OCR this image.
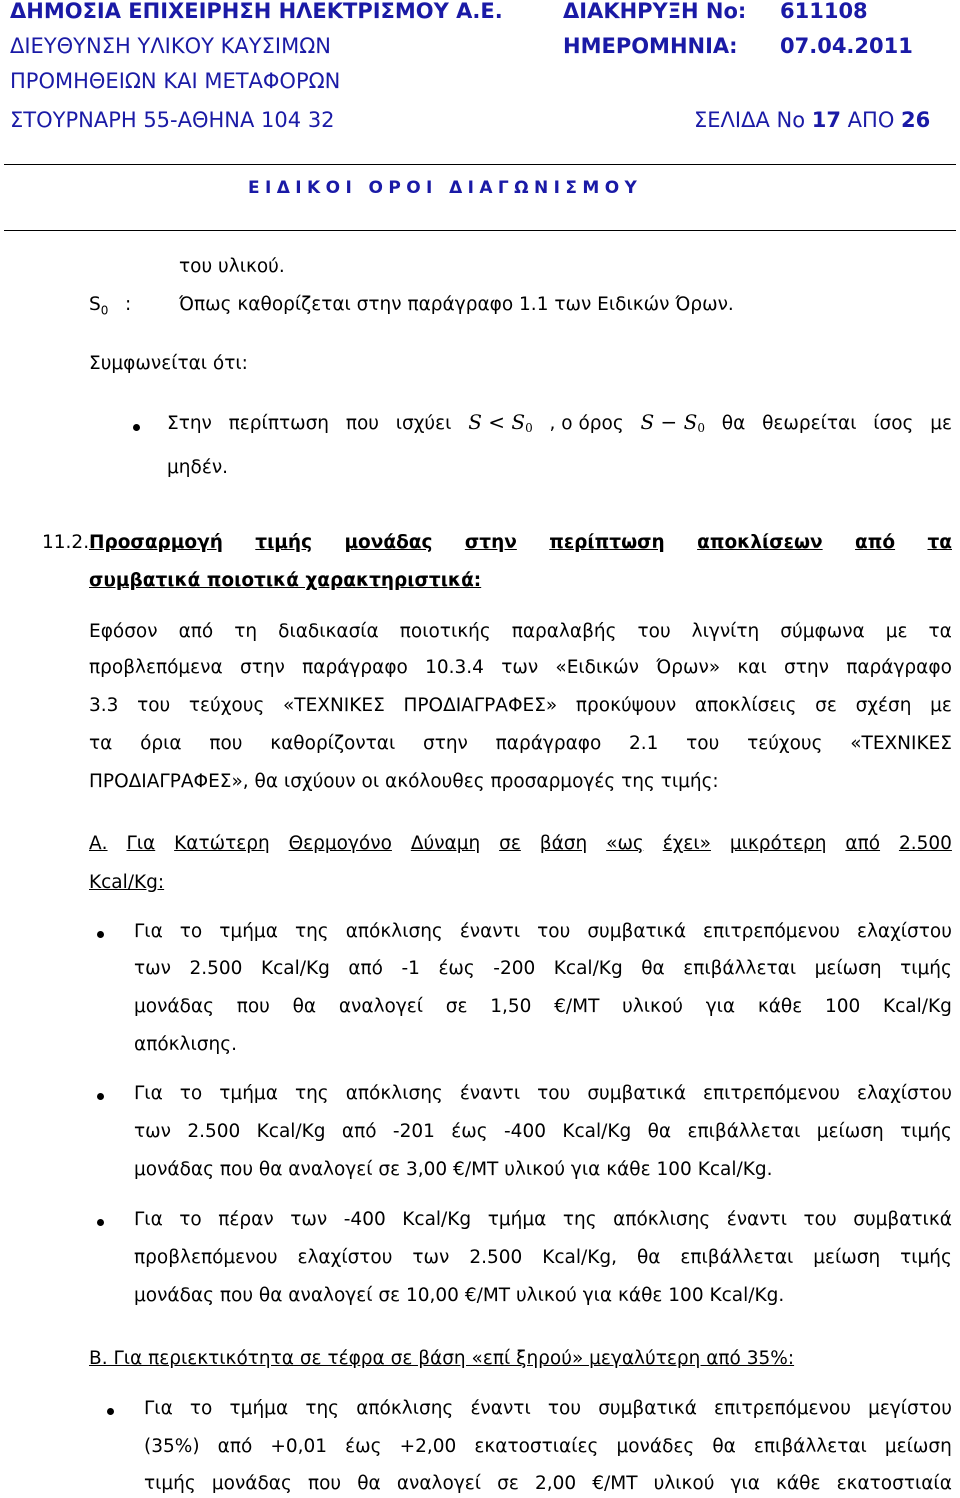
ΔΗΜΟΣΙΑ ΕΠΙΧΕΙΡΗΣΗ ΗΛΕΚΤΡΙΣΜΟΥ Α.Ε.	ΔΙΑΚΗΡΥΞΗ Νο: 611108
ΔΙΕΥΘΥΝΣΗ ΥΛΙΚΟΥ ΚΑΥΣΙΜΩΝ	ΗΜΕΡΟΜΗΝΙΑ: 07.04.2011
ΠΡΟΜΗΘΕΙΩΝ ΚΑΙ ΜΕΤΑΦΟΡΩΝ
ΣΤΟΥΡΝΑΡΗ 55-ΑΘΗΝΑ 104 32	ΣΕΛΙΔΑ Νο 17 ΑΠΟ 26
ΕΙΔΙΚΟΙ ΟΡΟΙ ΔΙΑΓΩΝΙΣΜΟΥ
του υλικού.
$S_0$ :	Όπως καθορίζεται στην παράγραφο 1.1 των Ειδικών Όρων.
Συμφωνείται ότι:
Στην περίπτωση που ισχύει $S < S_0$ , ο όρος $S - S_0$ θα θεωρείται ίσος με
μηδέν.
11.2. Προσαρμογή τιμής μονάδας στην περίπτωση αποκλίσεων από τα
συμβατικά ποιοτικά χαρακτηριστικά:
Εφόσον από τη διαδικασία ποιοτικής παραλαβής του λιγνίτη σύμφωνα με τα
προβλεπόμενα στην παράγραφο 10.3.4 των «Ειδικών Όρων» και στην παράγραφο
3.3 του τεύχους «ΤΕΧΝΙΚΕΣ ΠΡΟΔΙΑΓΡΑΦΕΣ» προκύψουν αποκλίσεις σε σχέση με
τα όρια που καθορίζονται στην παράγραφο 2.1 του τεύχους «ΤΕΧΝΙΚΕΣ
ΠΡΟΔΙΑΓΡΑΦΕΣ», θα ισχύουν οι ακόλουθες προσαρμογές της τιμής:
Α. Για Κατώτερη Θερμογόνο Δύναμη σε βάση «ως έχει» μικρότερη από 2.500
Kcal/Kg:
Για το τμήμα της απόκλισης έναντι του συμβατικά επιτρεπόμενου ελαχίστου
των 2.500 Kcal/Kg από -1 έως -200 Kcal/Kg θα επιβάλλεται μείωση τιμής
μονάδας που θα αναλογεί σε 1,50 €/ΜΤ υλικού για κάθε 100 Kcal/Kg
απόκλισης.
Για το τμήμα της απόκλισης έναντι του συμβατικά επιτρεπόμενου ελαχίστου
των 2.500 Kcal/Kg από -201 έως -400 Kcal/Kg θα επιβάλλεται μείωση τιμής
μονάδας που θα αναλογεί σε 3,00 €/ΜΤ υλικού για κάθε 100 Kcal/Kg.
Για το πέραν των -400 Kcal/Kg τμήμα της απόκλισης έναντι του συμβατικά
προβλεπόμενου ελαχίστου των 2.500 Kcal/Kg, θα επιβάλλεται μείωση τιμής
μονάδας που θα αναλογεί σε 10,00 €/ΜΤ υλικού για κάθε 100 Kcal/Kg.
Β. Για περιεκτικότητα σε τέφρα σε βάση «επί ξηρού» μεγαλύτερη από 35%:
Για το τμήμα της απόκλισης έναντι του συμβατικά επιτρεπόμενου μεγίστου
(35%) από +0,01 έως +2,00 εκατοστιαίες μονάδες θα επιβάλλεται μείωση
τιμής μονάδας που θα αναλογεί σε 2,00 €/ΜΤ υλικού για κάθε εκατοστιαία
